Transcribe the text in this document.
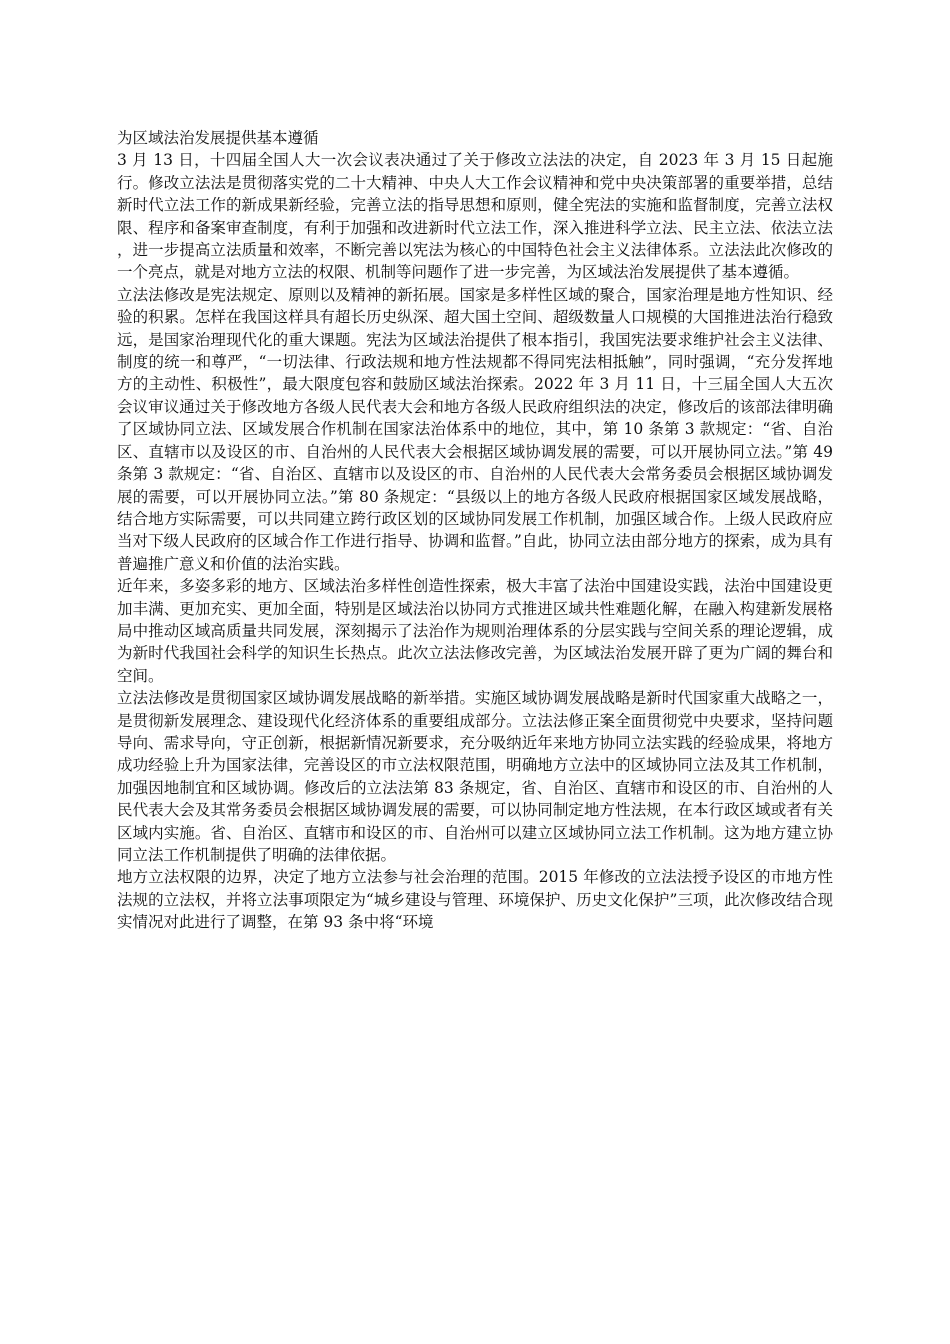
为区域法治发展提供基本遵循

3 月 13 日，十四届全国人大一次会议表决通过了关于修改立法法的决定，自 2023 年 3 月 15 日起施行。修改立法法是贯彻落实党的二十大精神、中央人大工作会议精神和党中央决策部署的重要举措，总结新时代立法工作的新成果新经验，完善立法的指导思想和原则，健全宪法的实施和监督制度，完善立法权限、程序和备案审查制度，有利于加强和改进新时代立法工作，深入推进科学立法、民主立法、依法立法，进一步提高立法质量和效率，不断完善以宪法为核心的中国特色社会主义法律体系。立法法此次修改的一个亮点，就是对地方立法的权限、机制等问题作了进一步完善，为区域法治发展提供了基本遵循。

立法法修改是宪法规定、原则以及精神的新拓展。国家是多样性区域的聚合，国家治理是地方性知识、经验的积累。怎样在我国这样具有超长历史纵深、超大国土空间、超级数量人口规模的大国推进法治行稳致远，是国家治理现代化的重大课题。宪法为区域法治提供了根本指引，我国宪法要求维护社会主义法律、制度的统一和尊严，“一切法律、行政法规和地方性法规都不得同宪法相抵触”，同时强调，“充分发挥地方的主动性、积极性”，最大限度包容和鼓励区域法治探索。2022 年 3 月 11 日，十三届全国人大五次会议审议通过关于修改地方各级人民代表大会和地方各级人民政府组织法的决定，修改后的该部法律明确了区域协同立法、区域发展合作机制在国家法治体系中的地位，其中，第 10 条第 3 款规定：“省、自治区、直辖市以及设区的市、自治州的人民代表大会根据区域协调发展的需要，可以开展协同立法。”第 49 条第 3 款规定：“省、自治区、直辖市以及设区的市、自治州的人民代表大会常务委员会根据区域协调发展的需要，可以开展协同立法。”第 80 条规定：“县级以上的地方各级人民政府根据国家区域发展战略，结合地方实际需要，可以共同建立跨行政区划的区域协同发展工作机制，加强区域合作。上级人民政府应当对下级人民政府的区域合作工作进行指导、协调和监督。”自此，协同立法由部分地方的探索，成为具有普遍推广意义和价值的法治实践。

近年来，多姿多彩的地方、区域法治多样性创造性探索，极大丰富了法治中国建设实践，法治中国建设更加丰满、更加充实、更加全面，特别是区域法治以协同方式推进区域共性难题化解，在融入构建新发展格局中推动区域高质量共同发展，深刻揭示了法治作为规则治理体系的分层实践与空间关系的理论逻辑，成为新时代我国社会科学的知识生长热点。此次立法法修改完善，为区域法治发展开辟了更为广阔的舞台和空间。

立法法修改是贯彻国家区域协调发展战略的新举措。实施区域协调发展战略是新时代国家重大战略之一，是贯彻新发展理念、建设现代化经济体系的重要组成部分。立法法修正案全面贯彻党中央要求，坚持问题导向、需求导向，守正创新，根据新情况新要求，充分吸纳近年来地方协同立法实践的经验成果，将地方成功经验上升为国家法律，完善设区的市立法权限范围，明确地方立法中的区域协同立法及其工作机制，加强因地制宜和区域协调。修改后的立法法第 83 条规定，省、自治区、直辖市和设区的市、自治州的人民代表大会及其常务委员会根据区域协调发展的需要，可以协同制定地方性法规，在本行政区域或者有关区域内实施。省、自治区、直辖市和设区的市、自治州可以建立区域协同立法工作机制。这为地方建立协同立法工作机制提供了明确的法律依据。

地方立法权限的边界，决定了地方立法参与社会治理的范围。2015 年修改的立法法授予设区的市地方性法规的立法权，并将立法事项限定为“城乡建设与管理、环境保护、历史文化保护”三项，此次修改结合现实情况对此进行了调整，在第 93 条中将“环境
